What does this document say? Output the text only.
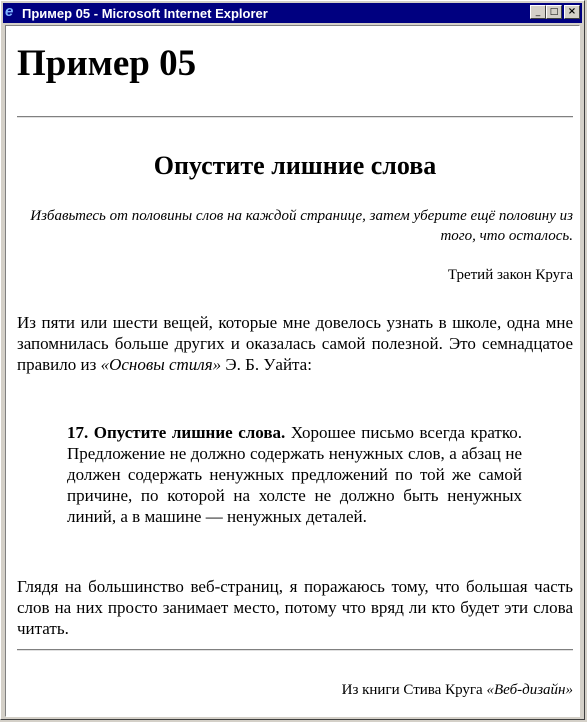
e Пример 05 - Microsoft Internet Explorer	_	□ ×
Пример 05
Опустите лишние слова
Избавьтесь от половины слов на каждой странице, затем уберите ещё половину из того, что осталось.
Третий закон Круга

Из пяти или шести вещей, которые мне довелось узнать в школе, одна мне запомнилась больше других и оказалась самой полезной. Это семнадцатое правило из «Основы стиля» Э. Б. Уайта:

17. Опустите лишние слова. Хорошее письмо всегда кратко. Предложение не должно содержать ненужных слов, а абзац не должен содержать ненужных предложений по той же самой причине, по которой на холсте не должно быть ненужных линий, а в машине — ненужных деталей.

Глядя на большинство веб-страниц, я поражаюсь тому, что большая часть слов на них просто занимает место, потому что вряд ли кто будет эти слова читать.

Из книги Стива Круга «Веб-дизайн»
